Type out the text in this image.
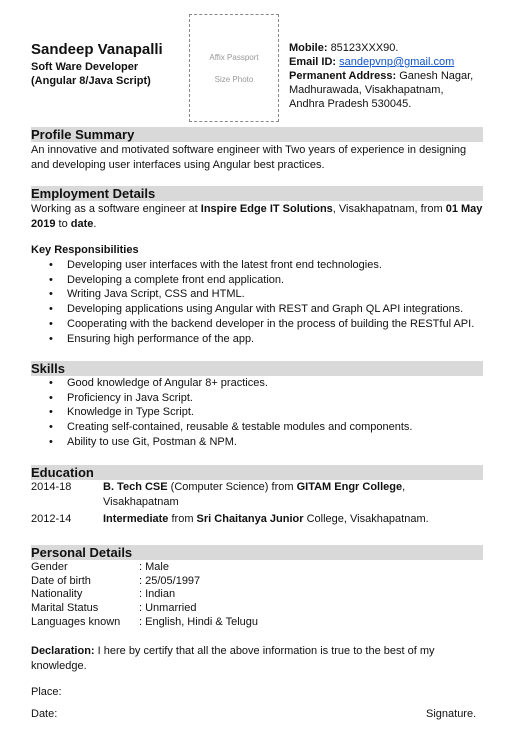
Sandeep Vanapalli
Soft Ware Developer
(Angular 8/Java Script)
Affix Passport

Size Photo
Mobile: 85123XXX90.
Email ID: sandepvnp@gmail.com
Permanent Address: Ganesh Nagar,
Madhurawada, Visakhapatnam,
Andhra Pradesh 530045.
Profile Summary
An innovative and motivated software engineer with Two years of experience in designing and developing user interfaces using Angular best practices.
Employment Details
Working as a software engineer at Inspire Edge IT Solutions, Visakhapatnam, from 01 May 2019 to date.
Key Responsibilities
• Developing user interfaces with the latest front end technologies.
• Developing a complete front end application.
• Writing Java Script, CSS and HTML.
• Developing applications using Angular with REST and Graph QL API integrations.
• Cooperating with the backend developer in the process of building the RESTful API.
• Ensuring high performance of the app.
Skills
• Good knowledge of Angular 8+ practices.
• Proficiency in Java Script.
• Knowledge in Type Script.
• Creating self-contained, reusable & testable modules and components.
• Ability to use Git, Postman & NPM.
Education
2014-18	B. Tech CSE (Computer Science) from GITAM Engr College, Visakhapatnam
2012-14	Intermediate from Sri Chaitanya Junior College, Visakhapatnam.
Personal Details
Gender	: Male
Date of birth	: 25/05/1997
Nationality	: Indian
Marital Status	: Unmarried
Languages known : English, Hindi & Telugu
Declaration: I here by certify that all the above information is true to the best of my knowledge.
Place:
Date:	Signature.
